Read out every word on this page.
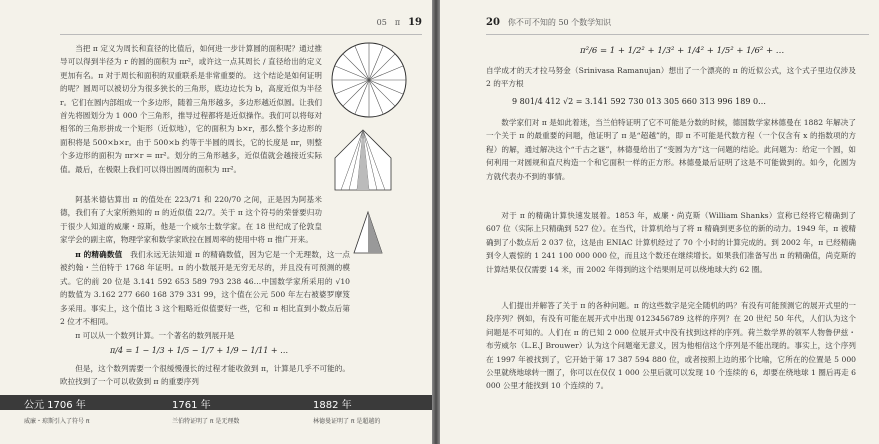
05 π 19

当把 π 定义为周长和直径的比值后，如何进一步计算圆的面积呢？通过推导可以得到半径为 r 的圆的面积为 πr²，或许这一点其周长 / 直径给出的定义更加有名。π 对于周长和面积的双重联系是非常重要的。 这个结论是如何证明的呢？圆周可以被切分为很多狭长的三角形，底边边长为 b，高度近似为半径 r。它们在圆内部组成一个多边形，随着三角形越多，多边形越近似圆。让我们首先将圆划分为 1 000 个三角形，推导过程都将是近似操作。我们可以将每对相邻的三角形拼成一个矩形（近似地），它的面积为 b×r，那么整个多边形的面积将是 500×b×r。由于 500×b 约等于半圆的周长，它的长度是 πr，则整个多边形的面积为 πr×r = πr²。划分的三角形越多，近似值就会越接近实际值。最后，在极限上我们可以得出圆周的面积为 πr²。

阿基米德估算出 π 的值处在 223/71 和 220/70 之间，正是因为阿基米德，我们有了大家所熟知的 π 的近似值 22/7。关于 π 这个符号的荣誉要归功于很少人知道的威廉・琼斯，他是一个威尔士数学家。在 18 世纪成了伦敦皇家学会的副主席，物理学家和数学家欧拉在圆周率的使用中将 π 推广开来。

π 的精确数值　 我们永远无法知道 π 的精确数值，因为它是一个无理数，这一点被约翰・兰伯特于 1768 年证明。π 的小数展开是无穷无尽的，并且没有可预测的模式。它的前 20 位是 3.141 592 653 589 793 238 46…中国数学家所采用的 √10 的数值为 3.162 277 660 168 379 331 99，这个值在公元 500 年左右被婆罗摩笈多采用。事实上，这个值比 3 这个粗略近似值要好一些，它和 π 相比直到小数点后第 2 位才不相同。

π 可以从一个数列计算。一个著名的数列展开是

π/4 = 1 − 1/3 + 1/5 − 1/7 + 1/9 − 1/11 + …

但是，这个数列需要一个很缓慢漫长的过程才能收敛到 π，计算是几乎不可能的。欧拉找到了一个可以收敛到 π 的重要序列

公元 1706 年	1761 年	1882 年
威廉・琼斯引入了符号 π	兰伯特证明了 π 是无理数	林德曼证明了 π 是超越的
20 你不可不知的 50 个数学知识
π²/6 = 1 + 1/2² + 1/3² + 1/4² + 1/5² + 1/6² + …

自学成才的天才拉马努金（Srinivasa Ramanujan）想出了一个漂亮的 π 的近似公式，这个式子里边仅涉及 2 的平方根

9 801/4 412 √2 = 3.141 592 730 013 305 660 313 996 189 0…

数学家们对 π 是如此着迷，当兰伯特证明了它不可能是分数的时候，德国数学家林德曼在 1882 年解决了一个关于 π 的最重要的问题，他证明了 π 是“超越”的，即 π 不可能是代数方程（一个仅含有 x 的指数项的方程）的解，通过解决这个“千古之谜”，林德曼给出了“变圆为方”这一问题的结论。此问题为：给定一个圆，如何利用一对圆规和直尺构造一个和它面积一样的正方形。林德曼最后证明了这是不可能做到的。如今，化圆为方就代表办不到的事情。

对于 π 的精确计算快速发展着。1853 年，威廉・尚克斯（William Shanks）宣称已经将它精确到了 607 位（实际上只精确到 527 位）。在当代，计算机给与了将 π 精确到更多位的新的动力。1949 年，π 被精确到了小数点后 2 037 位，这是由 ENIAC 计算机经过了 70 个小时的计算完成的。到 2002 年，π 已经精确到令人震惊的 1 241 100 000 000 位，而且这个数还在继续增长。如果我们准备写出 π 的精确值，尚克斯的计算结果仅仅需要 14 米，而 2002 年得到的这个结果则足可以绕地球大约 62 圈。

人们提出并解答了关于 π 的各种问题。π 的这些数字是完全随机的吗？有没有可能预测它的展开式里的一段序列？例如，有没有可能在展开式中出现 0123456789 这样的序列？在 20 世纪 50 年代，人们认为这个问题是不可知的。人们在 π 的已知 2 000 位展开式中没有找到这样的序列。荷兰数学界的领军人物鲁伊兹・布劳威尔（L.E.J Brouwer）认为这个问题毫无意义，因为他相信这个序列是不能出现的。事实上，这个序列在 1997 年被找到了，它开始于第 17 387 594 880 位，或者按照上边的那个比喻，它所在的位置是 5 000 公里就绕地球转一圈了，你可以在仅仅 1 000 公里后就可以发现 10 个连续的 6，却要在绕地球 1 圈后再走 6 000 公里才能找到 10 个连续的 7。
